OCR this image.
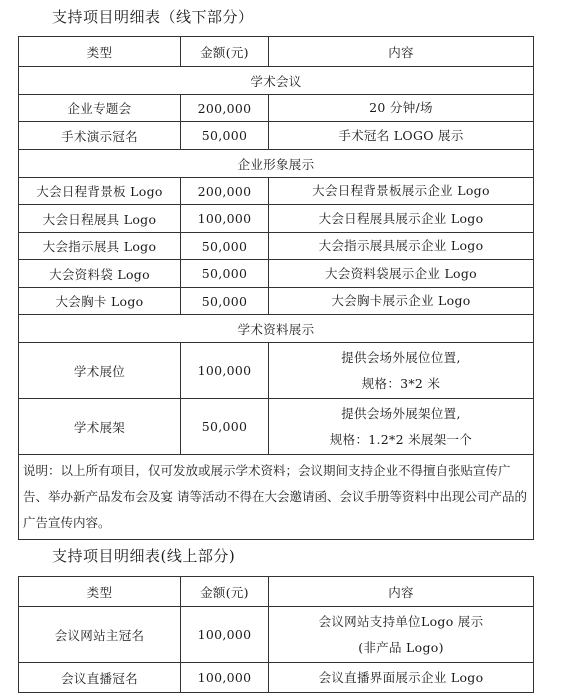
支持项目明细表（线下部分）
类型	金额(元)	内容
学术会议		
企业专题会	200,000	20 分钟/场

手术演示冠名	50,000	手术冠名 LOGO 展示

企业形象展示		
大会日程背景板 Logo	200,000	大会日程背景板展示企业 Logo

大会日程展具 Logo	100,000	大会日程展具展示企业 Logo

大会指示展具 Logo	50,000	大会指示展具展示企业 Logo

大会资料袋 Logo	50,000	大会资料袋展示企业 Logo

大会胸卡 Logo	50,000	大会胸卡展示企业 Logo

学术资料展示		
学术展位	100,000	提供会场外展位位置,
规格：3*2 米

学术展架	50,000	提供会场外展架位置,
规格：1.2*2 米展架一个

说明：以上所有项目，仅可发放或展示学术资料；会议期间支持企业不得擅自张贴宣传广告、举办新产品发布会及宴 请等活动不得在大会邀请函、会议手册等资料中出现公司产品的广告宣传内容。		
支持项目明细表(线上部分)
类型	金额(元)	内容
会议网站主冠名	100,000	会议网站支持单位Logo 展示
(非产品 Logo)

会议直播冠名	100,000	会议直播界面展示企业 Logo
